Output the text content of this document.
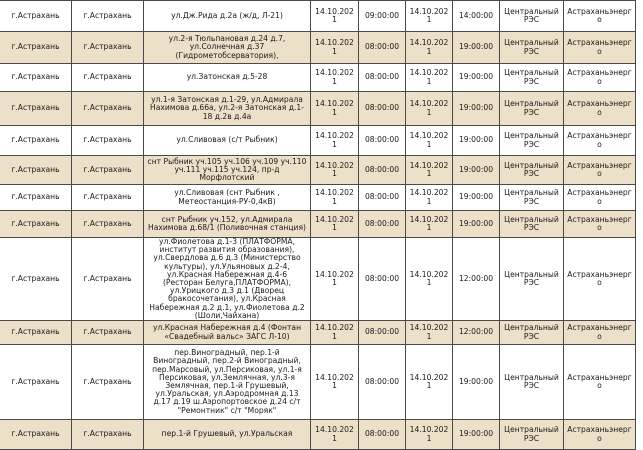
г.Астрахань	г.Астрахань	ул.Дж.Рида д.2а (ж/д, Л-21)	14.10.2021	09:00:00	14.10.2021	14:00:00	Центральный РЭС	Астраханьэнерго
г.Астрахань	г.Астрахань	ул.2-я Тюльпановая д.24 д.7, ул.Солнечная д.37 (Гидрометобсерватория),	14.10.2021	08:00:00	14.10.2021	19:00:00	Центральный РЭС	Астраханьэнерго
г.Астрахань	г.Астрахань	ул.Затонская д.5-28	14.10.2021	08:00:00	14.10.2021	19:00:00	Центральный РЭС	Астраханьэнерго
г.Астрахань	г.Астрахань	ул.1-я Затонская д.1-29, ул.Адмирала Нахимова д.66а, ул.2-я Затонская д.1-18 д.2в д.4а	14.10.2021	08:00:00	14.10.2021	19:00:00	Центральный РЭС	Астраханьэнерго
г.Астрахань	г.Астрахань	ул.Сливовая (с/т Рыбник)	14.10.2021	08:00:00	14.10.2021	19:00:00	Центральный РЭС	Астраханьэнерго
г.Астрахань	г.Астрахань	снт Рыбник уч.105 уч.106 уч.109 уч.110 уч.111 уч.115 уч.124, пр-д Морфлотский	14.10.2021	08:00:00	14.10.2021	19:00:00	Центральный РЭС	Астраханьэнерго
г.Астрахань	г.Астрахань	ул.Сливовая (снт Рыбник , Метеостанция-РУ-0,4кВ)	14.10.2021	08:00:00	14.10.2021	19:00:00	Центральный РЭС	Астраханьэнерго
г.Астрахань	г.Астрахань	снт Рыбник уч.152, ул.Адмирала Нахимова д.68/1 (Поливочная станция)	14.10.2021	08:00:00	14.10.2021	19:00:00	Центральный РЭС	Астраханьэнерго
г.Астрахань	г.Астрахань	ул.Фиолетова д.1-3 (ПЛАТФОРМА, институт развития образования), ул.Свердлова д.6 д.3 (Министерство культуры), ул.Ульяновых д.2-4, ул.Красная Набережная д.4-6 (Ресторан Белуга,ПЛАТФОРМА), ул.Урицкого д.3 д.1 (Дворец бракосочетания), ул.Красная Набережная д.2 д.1, ул.Фиолетова д.2 (Шоли,Чайхана)	14.10.2021	08:00:00	14.10.2021	12:00:00	Центральный РЭС	Астраханьэнерго
г.Астрахань	г.Астрахань	ул.Красная Набережная д.4 (Фонтан «Свадебный вальс» ЗАГС Л-10)	14.10.2021	08:00:00	14.10.2021	12:00:00	Центральный РЭС	Астраханьэнерго
г.Астрахань	г.Астрахань	пер.Виноградный, пер.1-й Виноградный, пер.2-й Виноградный, пер.Марсовый, ул.Персиковая, ул.1-я Персиковая, ул.Землячная, ул.3-я Землячная, пер.1-й Грушевый, ул.Уральская, ул.Аэродромная д.13 д.17 д.19 ш.Аэропортовское д.24 с/т "Ремонтник" с/т "Моряк"	14.10.2021	08:00:00	14.10.2021	19:00:00	Центральный РЭС	Астраханьэнерго
г.Астрахань	г.Астрахань	пер.1-й Грушевый, ул.Уральская	14.10.2021	08:00:00	14.10.2021	19:00:00	Центральный РЭС	Астраханьэнерго
